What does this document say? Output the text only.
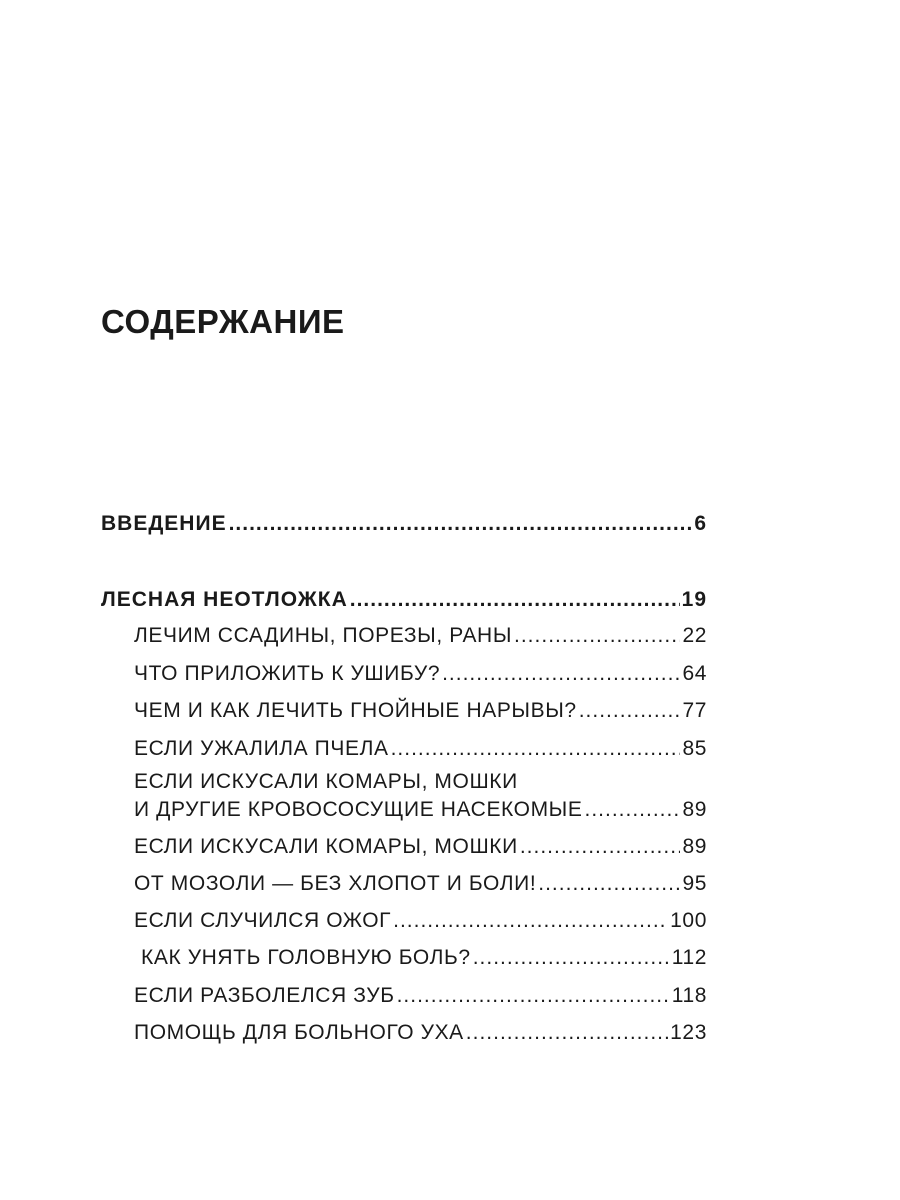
СОДЕРЖАНИЕ
ВВЕДЕНИЕ .....	6
ЛЕСНАЯ НЕОТЛОЖКА .....	19
ЛЕЧИМ ССАДИНЫ, ПОРЕЗЫ, РАНЫ .....	22
ЧТО ПРИЛОЖИТЬ К УШИБУ? .....	64
ЧЕМ И КАК ЛЕЧИТЬ ГНОЙНЫЕ НАРЫВЫ? .....	77
ЕСЛИ УЖАЛИЛА ПЧЕЛА .....	85
ЕСЛИ ИСКУСАЛИ КОМАРЫ, МОШКИ
И ДРУГИЕ КРОВОСОСУЩИЕ НАСЕКОМЫЕ .....	89
ЕСЛИ ИСКУСАЛИ КОМАРЫ, МОШКИ .....	89
ОТ МОЗОЛИ — БЕЗ ХЛОПОТ И БОЛИ! .....	95
ЕСЛИ СЛУЧИЛСЯ ОЖОГ .....	100
КАК УНЯТЬ ГОЛОВНУЮ БОЛЬ? .....	112
ЕСЛИ РАЗБОЛЕЛСЯ ЗУБ .....	118
ПОМОЩЬ ДЛЯ БОЛЬНОГО УХА .....	123
